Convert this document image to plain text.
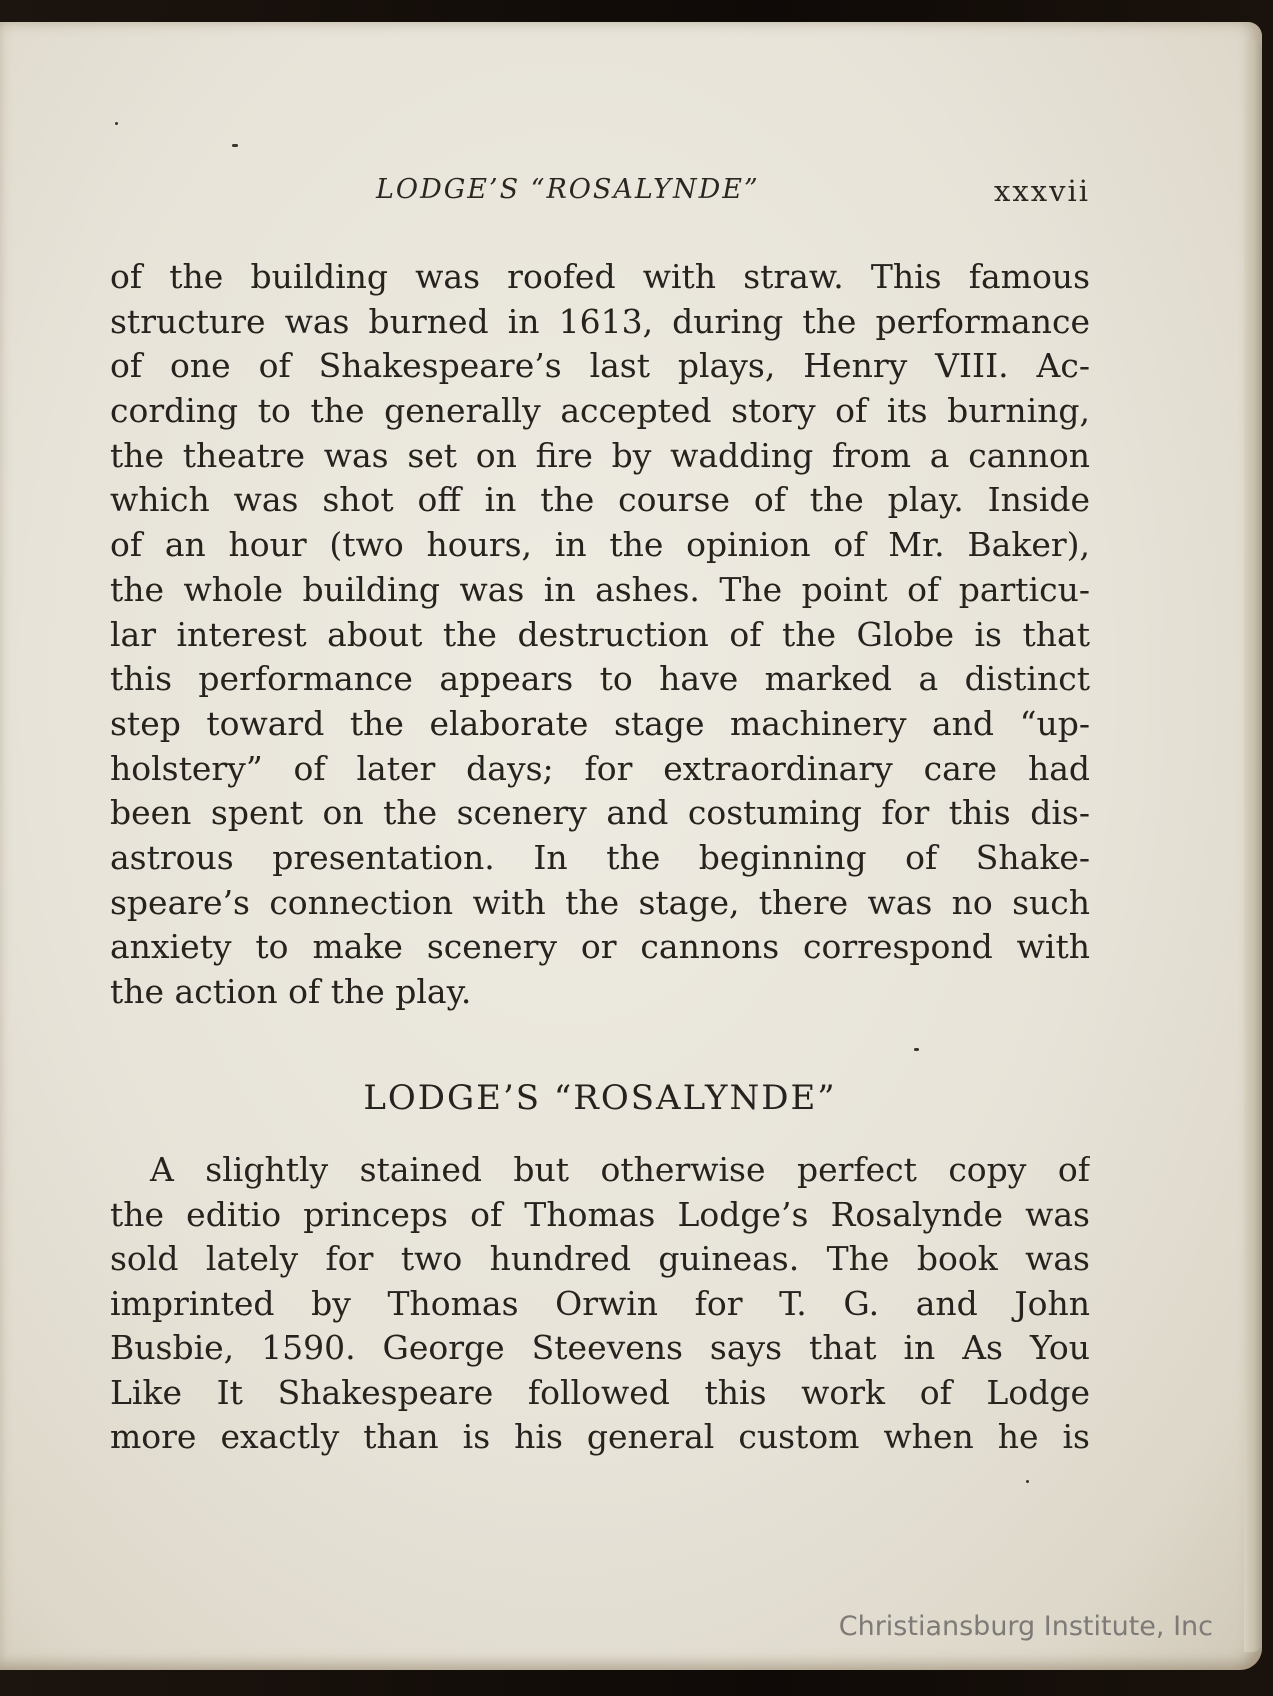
LODGE’S “ROSALYNDE”	xxxvii
of the building was roofed with straw. This famous
structure was burned in 1613, during the performance
of one of Shakespeare’s last plays, Henry VIII. Ac-
cording to the generally accepted story of its burning,
the theatre was set on fire by wadding from a cannon
which was shot off in the course of the play. Inside
of an hour (two hours, in the opinion of Mr. Baker),
the whole building was in ashes. The point of particu-
lar interest about the destruction of the Globe is that
this performance appears to have marked a distinct
step toward the elaborate stage machinery and “up-
holstery” of later days; for extraordinary care had
been spent on the scenery and costuming for this dis-
astrous presentation. In the beginning of Shake-
speare’s connection with the stage, there was no such
anxiety to make scenery or cannons correspond with
the action of the play.
LODGE’S “ROSALYNDE”
A slightly stained but otherwise perfect copy of
the editio princeps of Thomas Lodge’s Rosalynde was
sold lately for two hundred guineas. The book was
imprinted by Thomas Orwin for T. G. and John
Busbie, 1590. George Steevens says that in As You
Like It Shakespeare followed this work of Lodge
more exactly than is his general custom when he is
Christiansburg Institute, Inc
